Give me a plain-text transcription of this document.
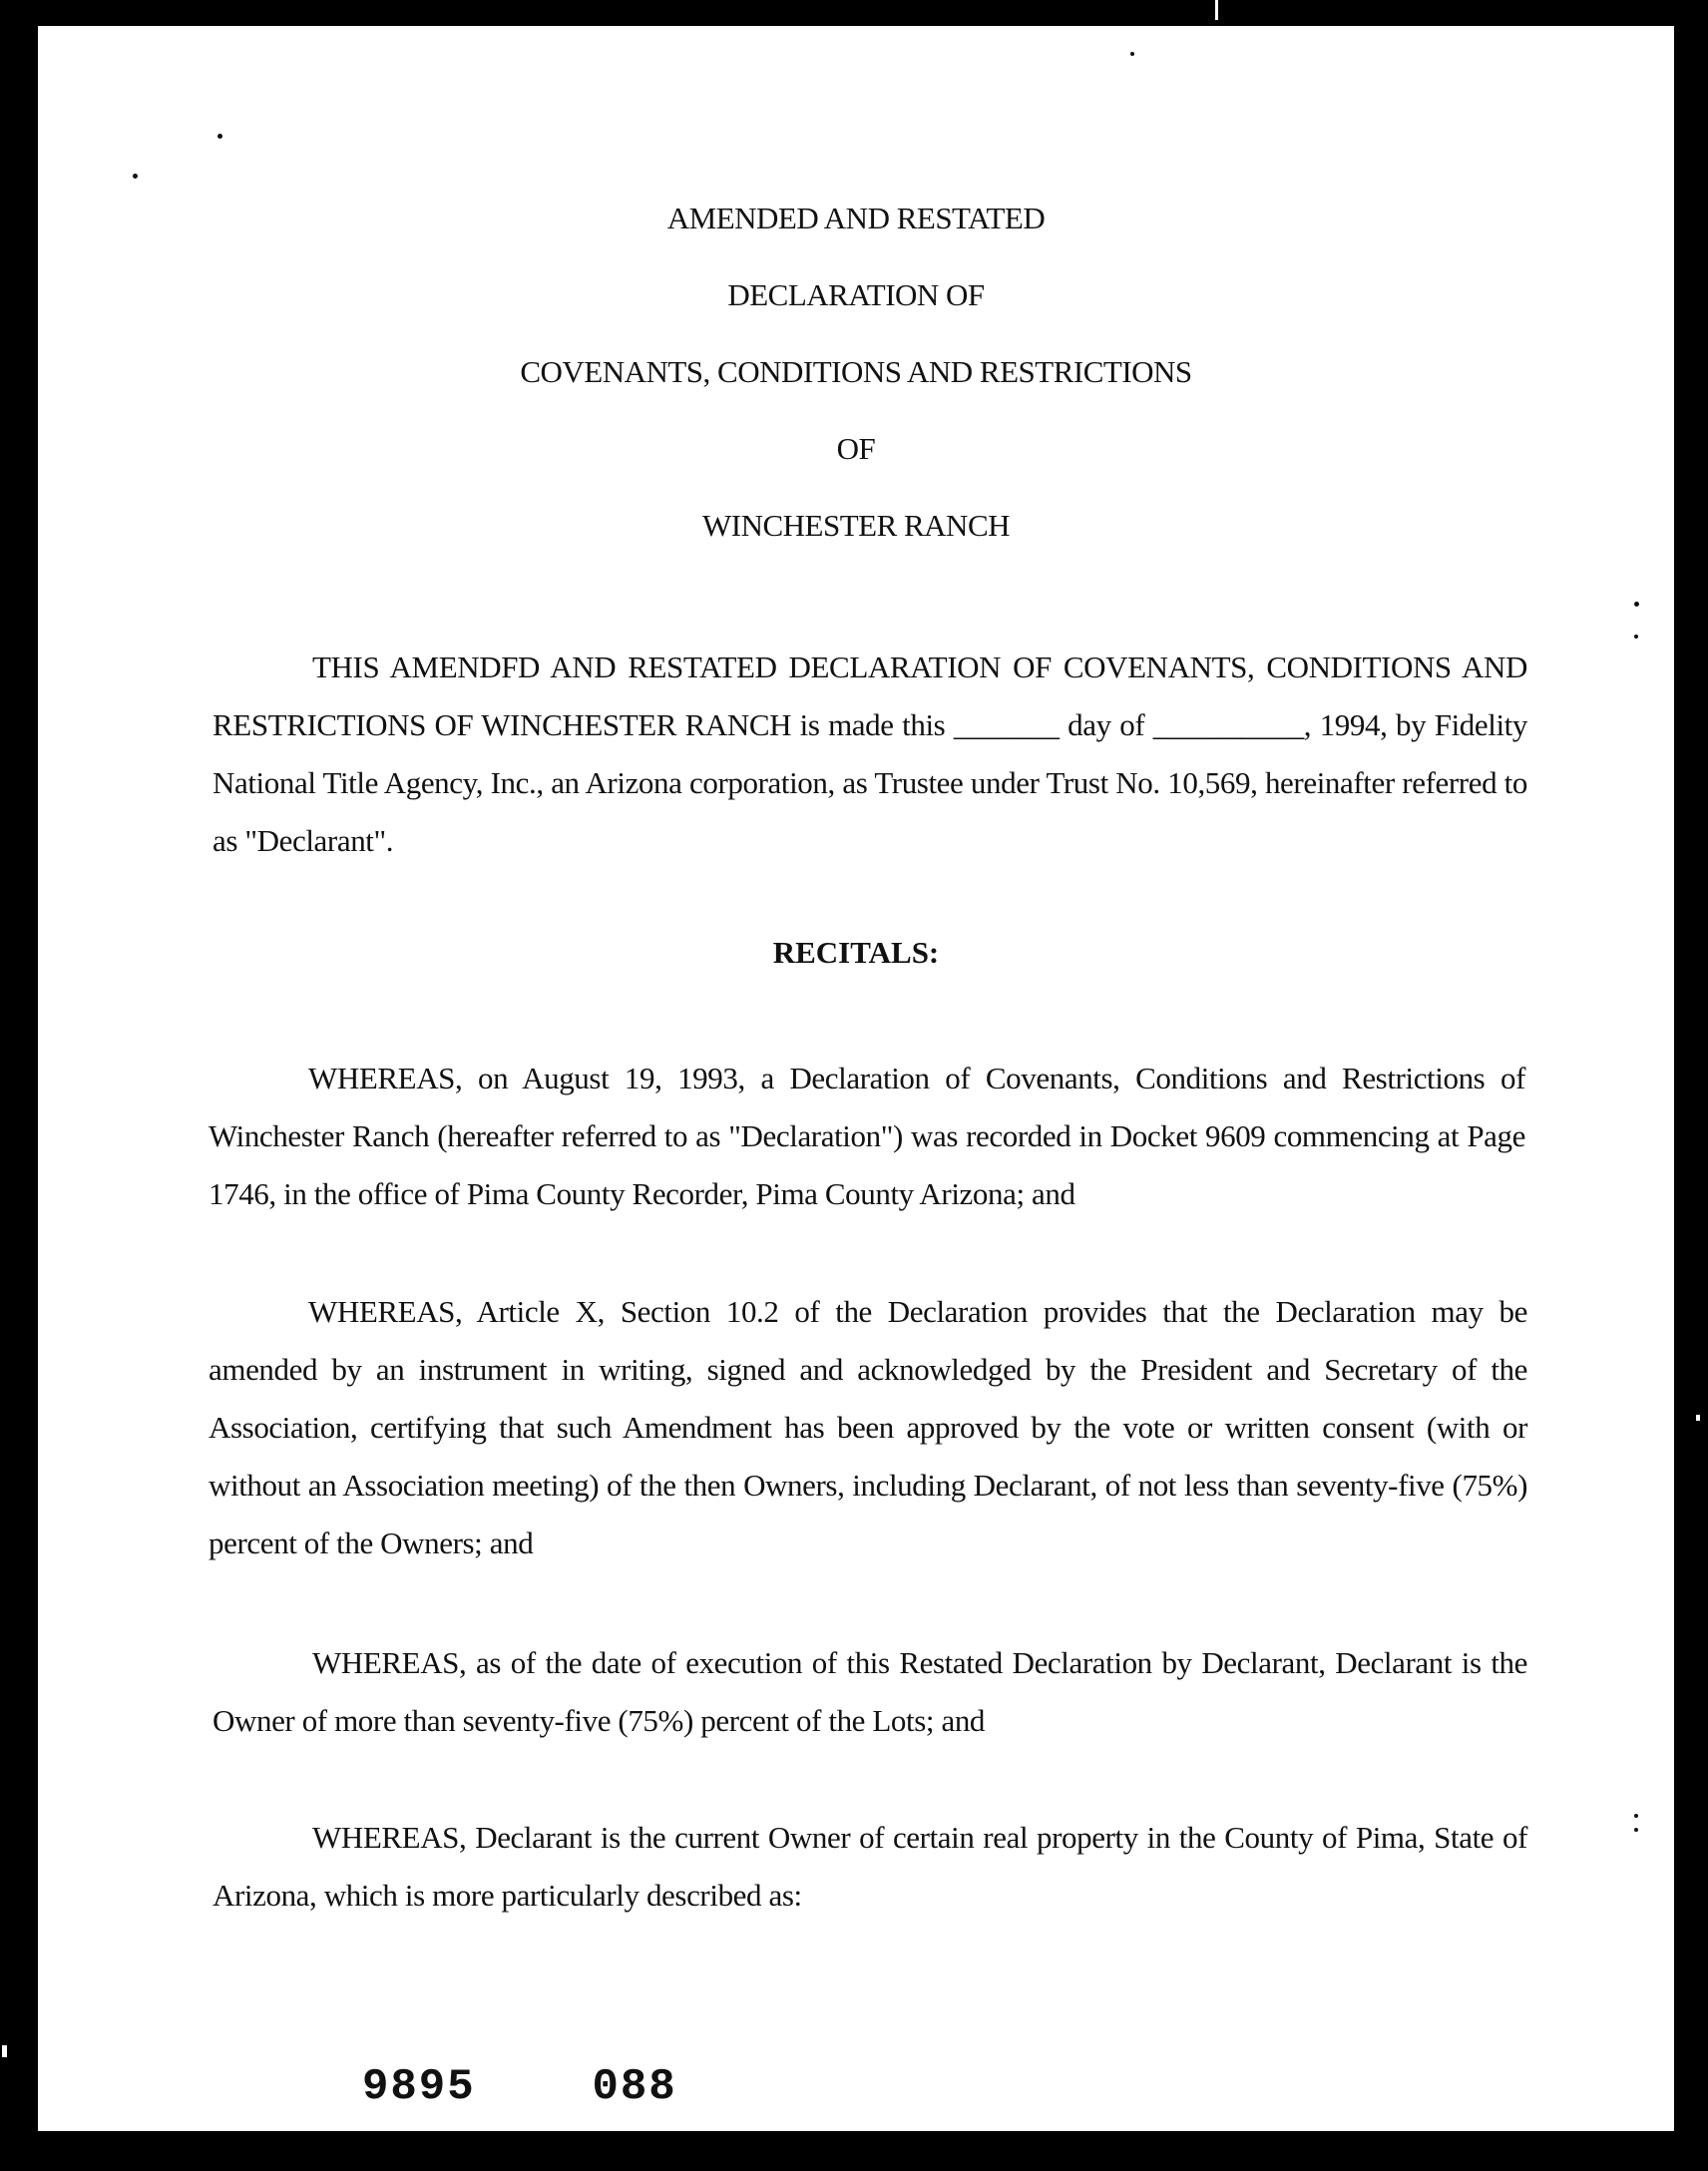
AMENDED AND RESTATED
DECLARATION OF
COVENANTS, CONDITIONS AND RESTRICTIONS
OF
WINCHESTER RANCH
THIS AMENDFD AND RESTATED DECLARATION OF COVENANTS, CONDITIONS AND RESTRICTIONS OF WINCHESTER RANCH is made this _______ day of __________, 1994, by Fidelity National Title Agency, Inc., an Arizona corporation, as Trustee under Trust No. 10,569, hereinafter referred to as "Declarant".
RECITALS:
WHEREAS, on August 19, 1993, a Declaration of Covenants, Conditions and Restrictions of Winchester Ranch (hereafter referred to as "Declaration") was recorded in Docket 9609 commencing at Page 1746, in the office of Pima County Recorder, Pima County Arizona; and
WHEREAS, Article X, Section 10.2 of the Declaration provides that the Declaration may be amended by an instrument in writing, signed and acknowledged by the President and Secretary of the Association, certifying that such Amendment has been approved by the vote or written consent (with or without an Association meeting) of the then Owners, including Declarant, of not less than seventy-five (75%) percent of the Owners; and
WHEREAS, as of the date of execution of this Restated Declaration by Declarant, Declarant is the Owner of more than seventy-five (75%) percent of the Lots; and
WHEREAS, Declarant is the current Owner of certain real property in the County of Pima, State of Arizona, which is more particularly described as:
9895	088
